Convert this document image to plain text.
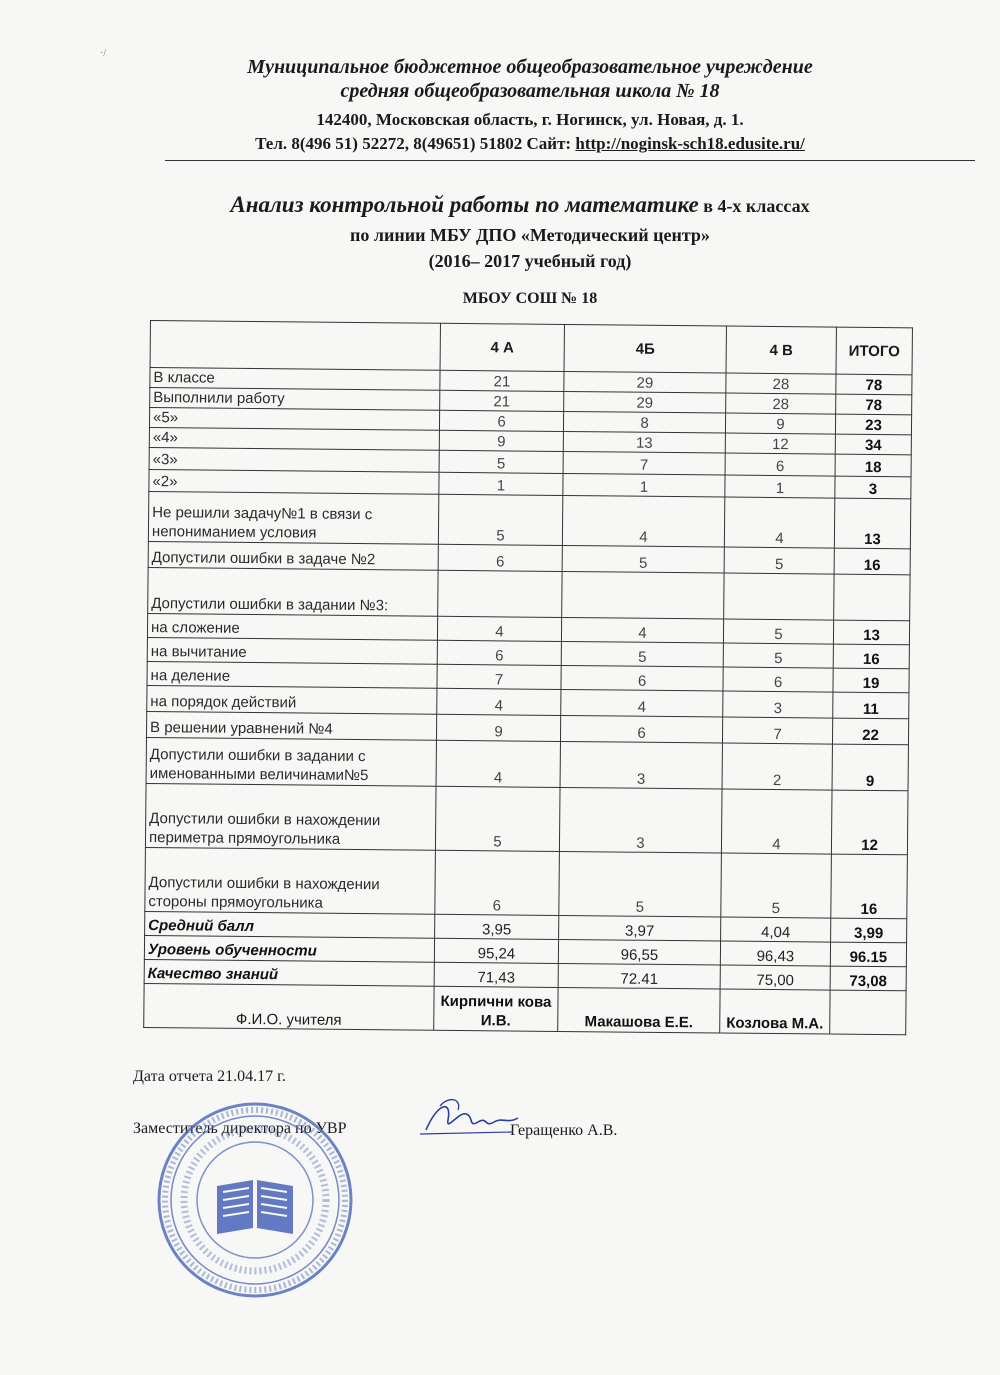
·/
Муниципальное бюджетное общеобразовательное учреждение
средняя общеобразовательная школа № 18
142400, Московская область, г. Ногинск, ул. Новая, д. 1.
Тел. 8(496 51) 52272, 8(49651) 51802 Сайт: http://noginsk-sch18.edusite.ru/
Анализ контрольной работы по математике в 4-х классах
по линии МБУ ДПО «Методический центр»
(2016– 2017 учебный год)
МБОУ СОШ № 18
	4 А	4Б	4 В	ИТОГО
В классе	21	29	28	78
Выполнили работу	21	29	28	78
«5»	6	8	9	23
«4»	9	13	12	34
«3»	5	7	6	18
«2»	1	1	1	3
Не решили задачу№1 в связи с непониманием условия	5	4	4	13
Допустили ошибки в задаче №2	6	5	5	16
Допустили ошибки в задании №3:				
на сложение	4	4	5	13
на вычитание	6	5	5	16
на деление	7	6	6	19
на порядок действий	4	4	3	11
В решении уравнений №4	9	6	7	22
Допустили ошибки в задании с именованными величинами№5	4	3	2	9
Допустили ошибки в нахождении периметра прямоугольника	5	3	4	12
Допустили ошибки в нахождении стороны прямоугольника	6	5	5	16
Средний балл	3,95	3,97	4,04	3,99
Уровень обученности	95,24	96,55	96,43	96.15
Качество знаний	71,43	72.41	75,00	73,08
Ф.И.О. учителя	Кирпични кова И.В.	Макашова Е.Е.	Козлова М.А.	
Дата отчета 21.04.17 г.
Заместитель директора по УВР	Геращенко А.В.
